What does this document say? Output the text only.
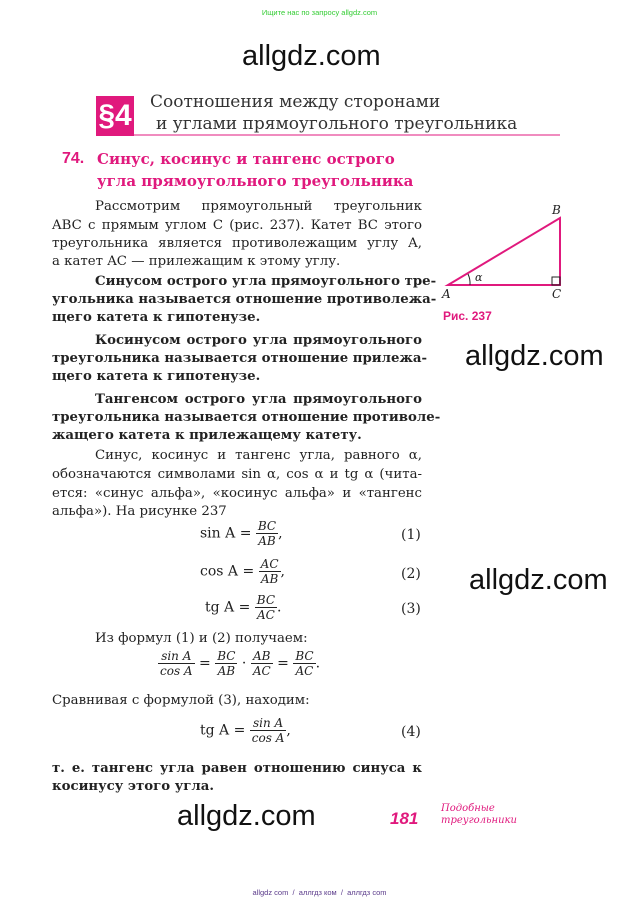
Ищите нас по запросу allgdz.com
allgdz.com
allgdz.com
allgdz.com
allgdz.com
§4 Соотношения между сторонами
и углами прямоугольного треугольника
74. Синус, косинус и тангенс острого
угла прямоугольного треугольника
Рассмотрим прямоугольный треугольник
ABC с прямым углом C (рис. 237). Катет BC этого
треугольника является противолежащим углу A,
а катет AC — прилежащим к этому углу.
Синусом острого угла прямоугольного тре-
угольника называется отношение противолежа-
щего катета к гипотенузе.
Косинусом острого угла прямоугольного
треугольника называется отношение прилежа-
щего катета к гипотенузе.
Тангенсом острого угла прямоугольного
треугольника называется отношение противоле-
жащего катета к прилежащему катету.
Синус, косинус и тангенс угла, равного α,
обозначаются символами sin α, cos α и tg α (чита-
ется: «синус альфа», «косинус альфа» и «тангенс
альфа»). На рисунке 237
$\sin A = \frac{BC}{AB}$ ,	(1)
$\cos A = \frac{AC}{AB}$ ,	(2)
tg $A = \frac{BC}{AC}$ .	(3)
Из формул (1) и (2) получаем:
$\frac{\text{sin A}}{\text{cos A}} = \frac{BC}{AB} \cdot \frac{AB}{AC} = \frac{BC}{AC}$ .
Сравнивая с формулой (3), находим:
tg $A = \frac{\text{sin A}}{\text{cos A}}$ ,	(4)
т. е. тангенс угла равен отношению синуса к
косинусу этого угла.
B
A	C
α
Рис. 237
181
Подобные
треугольники
allgdz com  /  аллгдз ком  /  аллгдз com
